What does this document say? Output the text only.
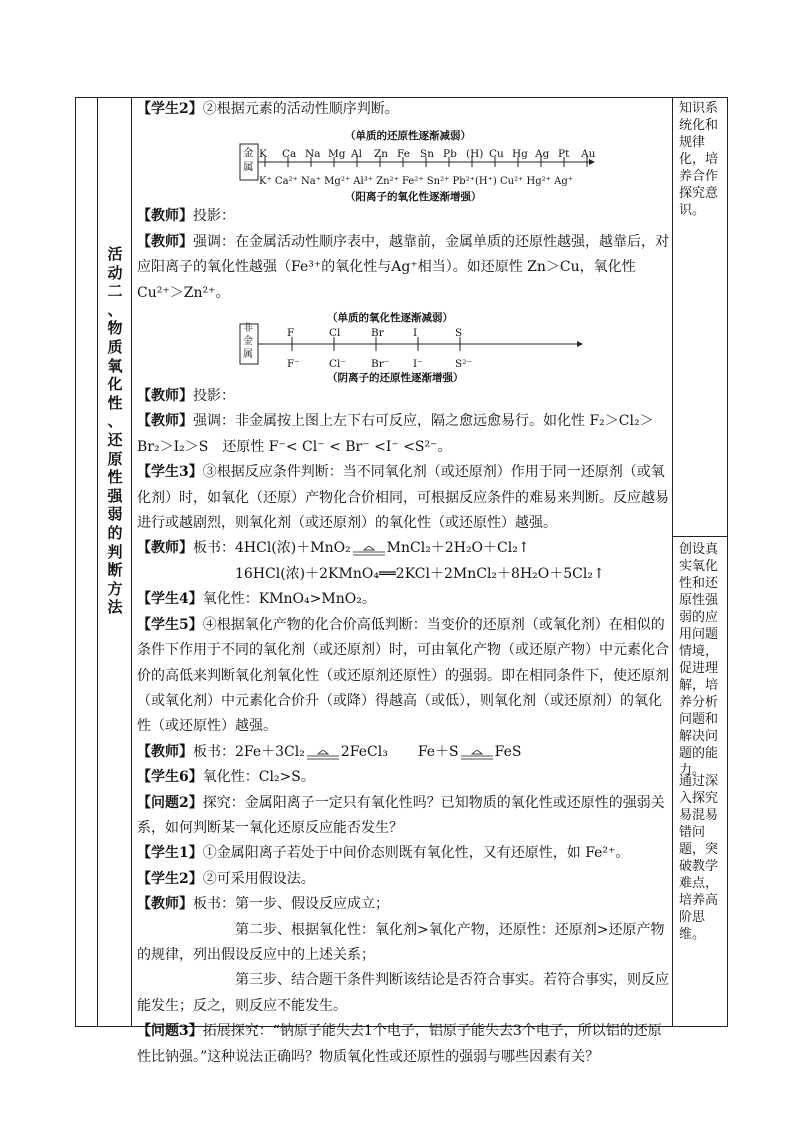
活
动
二
、
物
质
氧
化
性
、
还
原
性
强
弱
的
判
断
方
法

【学生2】②根据元素的活动性顺序判断。

（单质的还原性逐渐减弱）
金属
K Ca Na Mg Al Zn Fe Sn Pb (H) Cu Hg Ag Pt Au
K⁺ Ca²⁺ Na⁺ Mg²⁺ Al³⁺ Zn²⁺ Fe²⁺ Sn²⁺ Pb²⁺(H⁺) Cu²⁺ Hg²⁺ Ag⁺
（阳离子的氧化性逐渐增强）

【教师】投影：

【教师】强调：在金属活动性顺序表中，越靠前，金属单质的还原性越强，越靠后，对应阳离子的氧化性越强（Fe³⁺的氧化性与Ag⁺相当）。如还原性 Zn＞Cu，氧化性 Cu²⁺＞Zn²⁺。

（单质的氧化性逐渐减弱）
非金属
F
F⁻
Cl
Cl⁻
Br
Br⁻
I
I⁻
S
S²⁻
（阴离子的还原性逐渐增强）

【教师】投影：

【教师】强调：非金属按上图上左下右可反应，隔之愈远愈易行。如化性 F₂＞Cl₂＞Br₂＞I₂＞S　还原性 F⁻< Cl⁻ < Br⁻ <I⁻ <S²⁻。

【学生3】③根据反应条件判断：当不同氧化剂（或还原剂）作用于同一还原剂（或氧化剂）时，如氧化（还原）产物化合价相同，可根据反应条件的难易来判断。反应越易进行或越剧烈，则氧化剂（或还原剂）的氧化性（或还原性）越强。

【教师】板书：4HCl(浓)＋MnO₂	MnCl₂＋2H₂O＋Cl₂↑

16HCl(浓)＋2KMnO₄══2KCl＋2MnCl₂＋8H₂O＋5Cl₂↑

【学生4】氧化性：KMnO₄>MnO₂。

【学生5】④根据氧化产物的化合价高低判断：当变价的还原剂（或氧化剂）在相似的条件下作用于不同的氧化剂（或还原剂）时，可由氧化产物（或还原产物）中元素化合价的高低来判断氧化剂氧化性（或还原剂还原性）的强弱。即在相同条件下，使还原剂（或氧化剂）中元素化合价升（或降）得越高（或低），则氧化剂（或还原剂）的氧化性（或还原性）越强。

【教师】板书：2Fe＋3Cl₂	2FeCl₃ Fe＋S	FeS

【学生6】氧化性：Cl₂>S。

【问题2】探究：金属阳离子一定只有氧化性吗？已知物质的氧化性或还原性的强弱关系，如何判断某一氧化还原反应能否发生？

【学生1】①金属阳离子若处于中间价态则既有氧化性，又有还原性，如 Fe²⁺。

【学生2】②可采用假设法。

【教师】板书：第一步、假设反应成立；

第二步、根据氧化性：氧化剂>氧化产物，还原性：还原剂>还原产物的规律，列出假设反应中的上述关系；

第三步、结合题干条件判断该结论是否符合事实。若符合事实，则反应能发生；反之，则反应不能发生。

【问题3】拓展探究：“钠原子能失去1个电子，铝原子能失去3个电子，所以铝的还原性比钠强。”这种说法正确吗？物质氧化性或还原性的强弱与哪些因素有关？

知识系统化和规律化，培养合作探究意识。
创设真实氧化性和还原性强弱的应用问题情境，促进理解，培养分析问题和解决问题的能力。
通过深入探究易混易错问题，突破教学难点，培养高阶思维。
